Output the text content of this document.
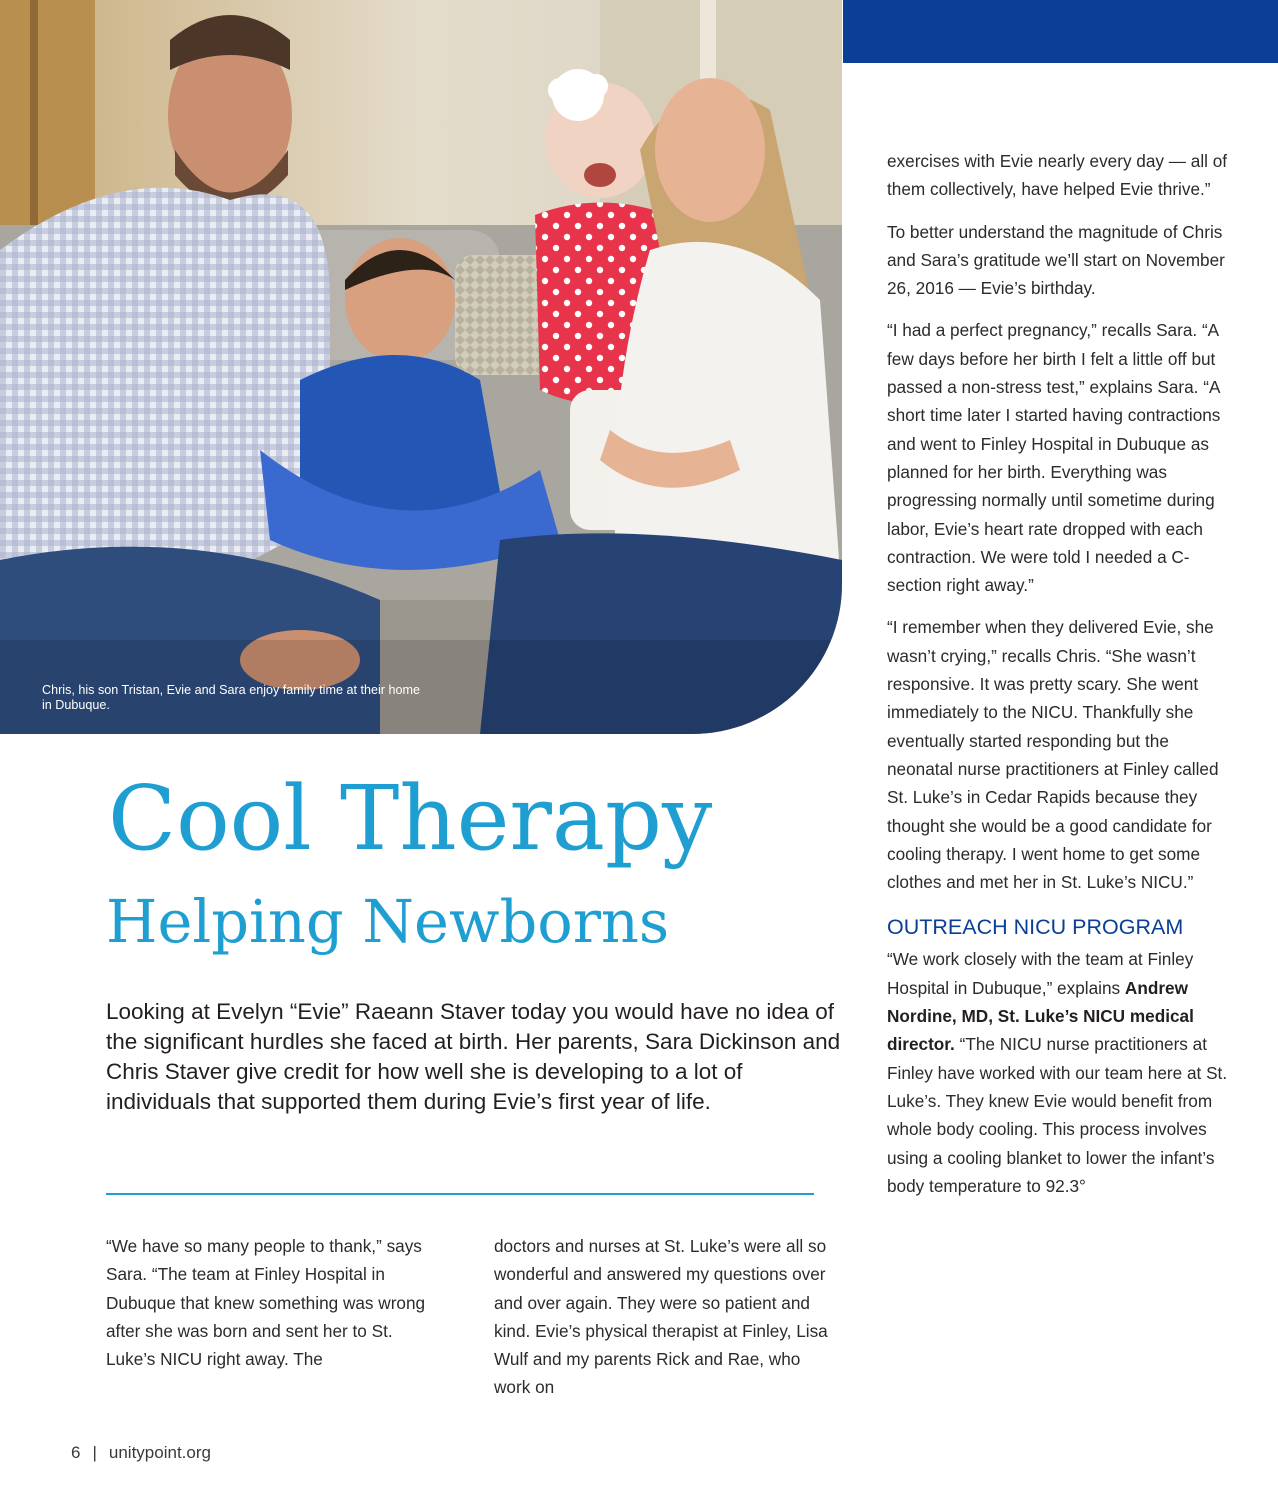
Chris, his son Tristan, Evie and Sara enjoy family time at their home in Dubuque.
Cool Therapy
Helping Newborns

Looking at Evelyn “Evie” Raeann Staver today you would have no idea of the significant hurdles she faced at birth. Her parents, Sara Dickinson and Chris Staver give credit for how well she is developing to a lot of individuals that supported them during Evie’s first year of life.

“We have so many people to thank,” says Sara. “The team at Finley Hospital in Dubuque that knew something was wrong after she was born and sent her to St. Luke’s NICU right away. The

doctors and nurses at St. Luke’s were all so wonderful and answered my questions over and over again. They were so patient and kind. Evie’s physical therapist at Finley, Lisa Wulf and my parents Rick and Rae, who work on

exercises with Evie nearly every day — all of them collectively, have helped Evie thrive.”

To better understand the magnitude of Chris and Sara’s gratitude we’ll start on November 26, 2016 — Evie’s birthday.

“I had a perfect pregnancy,” recalls Sara. “A few days before her birth I felt a little off but passed a non-stress test,” explains Sara. “A short time later I started having contractions and went to Finley Hospital in Dubuque as planned for her birth. Everything was progressing normally until sometime during labor, Evie’s heart rate dropped with each contraction. We were told I needed a C-section right away.”

“I remember when they delivered Evie, she wasn’t crying,” recalls Chris. “She wasn’t responsive. It was pretty scary. She went immediately to the NICU. Thankfully she eventually started responding but the neonatal nurse practitioners at Finley called St. Luke’s in Cedar Rapids because they thought she would be a good candidate for cooling therapy. I went home to get some clothes and met her in St. Luke’s NICU.”

OUTREACH NICU PROGRAM

“We work closely with the team at Finley Hospital in Dubuque,” explains Andrew Nordine, MD, St. Luke’s NICU medical director. “The NICU nurse practitioners at Finley have worked with our team here at St. Luke’s. They knew Evie would benefit from whole body cooling. This process involves using a cooling blanket to lower the infant’s body temperature to 92.3°

6 | unitypoint.org
